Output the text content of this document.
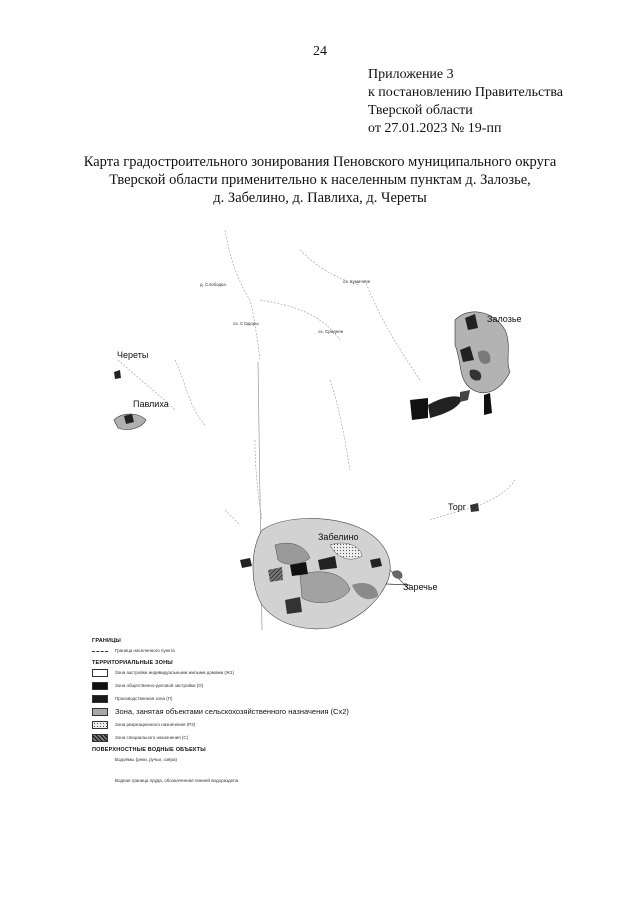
24
Приложение 3
к постановлению Правительства
Тверской области
от 27.01.2023 № 19-пп
Карта градостроительного зонирования Пеновского муниципального округа
Тверской области применительно к населенным пунктам д. Залозье,
д. Забелино, д. Павлиха, д. Череты
Череты
Павлиха
Залозье
Забелино
Торг
Заречье
д. Слободка
оз. Кумичное
оз. Стадоры
оз. Среднее
ГРАНИЦЫ
Граница населенного пункта
ТЕРРИТОРИАЛЬНЫЕ ЗОНЫ
Зона застройки индивидуальными жилыми домами (Ж1)
Зона общественно-деловой застройки (О)
Производственная зона (П)
Зона, занятая объектами сельскохозяйственного назначения (Сх2)
Зона рекреационного назначения (Р2)
Зона специального назначения (С)
ПОВЕРХНОСТНЫЕ ВОДНЫЕ ОБЪЕКТЫ
Водоёмы (реки, ручьи, озёра)
Водная граница пруда, обозначенная линией водораздела
